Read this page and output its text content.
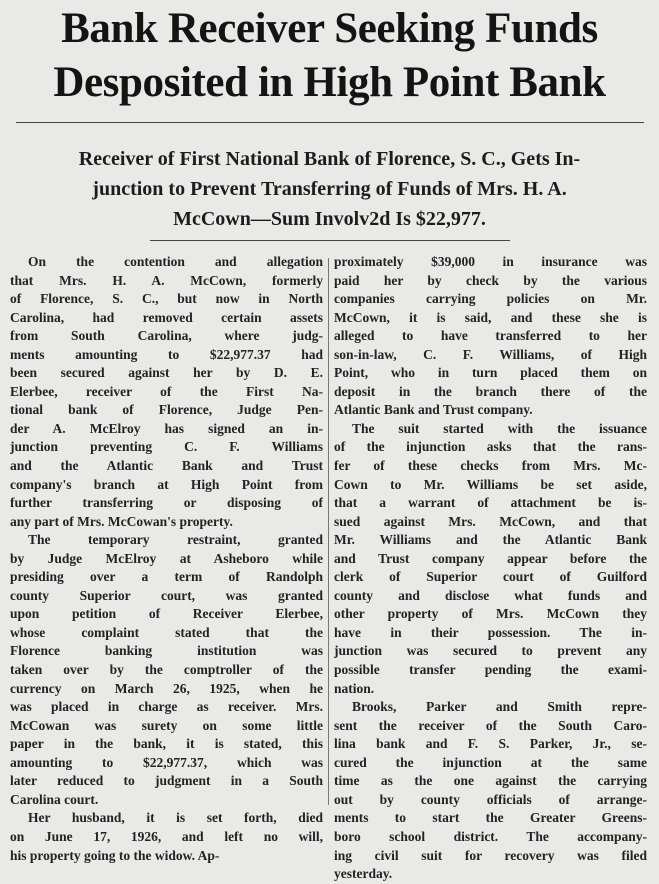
Bank Receiver Seeking Funds
Desposited in High Point Bank
Receiver of First National Bank of Florence, S. C., Gets In-
junction to Prevent Transferring of Funds of Mrs. H. A.
McCown—Sum Involv2d Is $22,977.
On the contention and allegation
that Mrs. H. A. McCown, formerly
of Florence, S. C., but now in North
Carolina, had removed certain assets
from South Carolina, where judg-
ments amounting to $22,977.37 had
been secured against her by D. E.
Elerbee, receiver of the First Na-
tional bank of Florence, Judge Pen-
der A. McElroy has signed an in-
junction preventing C. F. Williams
and the Atlantic Bank and Trust
company's branch at High Point from
further transferring or disposing of
any part of Mrs. McCowan's property.
The temporary restraint, granted
by Judge McElroy at Asheboro while
presiding over a term of Randolph
county Superior court, was granted
upon petition of Receiver Elerbee,
whose complaint stated that the
Florence banking institution was
taken over by the comptroller of the
currency on March 26, 1925, when he
was placed in charge as receiver. Mrs.
McCowan was surety on some little
paper in the bank, it is stated, this
amounting to $22,977.37, which was
later reduced to judgment in a South
Carolina court.
Her husband, it is set forth, died
on June 17, 1926, and left no will,
his property going to the widow. Ap-
proximately $39,000 in insurance was
paid her by check by the various
companies carrying policies on Mr.
McCown, it is said, and these she is
alleged to have transferred to her
son-in-law, C. F. Williams, of High
Point, who in turn placed them on
deposit in the branch there of the
Atlantic Bank and Trust company.
The suit started with the issuance
of the injunction asks that the rans-
fer of these checks from Mrs. Mc-
Cown to Mr. Williams be set aside,
that a warrant of attachment be is-
sued against Mrs. McCown, and that
Mr. Williams and the Atlantic Bank
and Trust company appear before the
clerk of Superior court of Guilford
county and disclose what funds and
other property of Mrs. McCown they
have in their possession. The in-
junction was secured to prevent any
possible transfer pending the exami-
nation.
Brooks, Parker and Smith repre-
sent the receiver of the South Caro-
lina bank and F. S. Parker, Jr., se-
cured the injunction at the same
time as the one against the carrying
out by county officials of arrange-
ments to start the Greater Greens-
boro school district. The accompany-
ing civil suit for recovery was filed
yesterday.
